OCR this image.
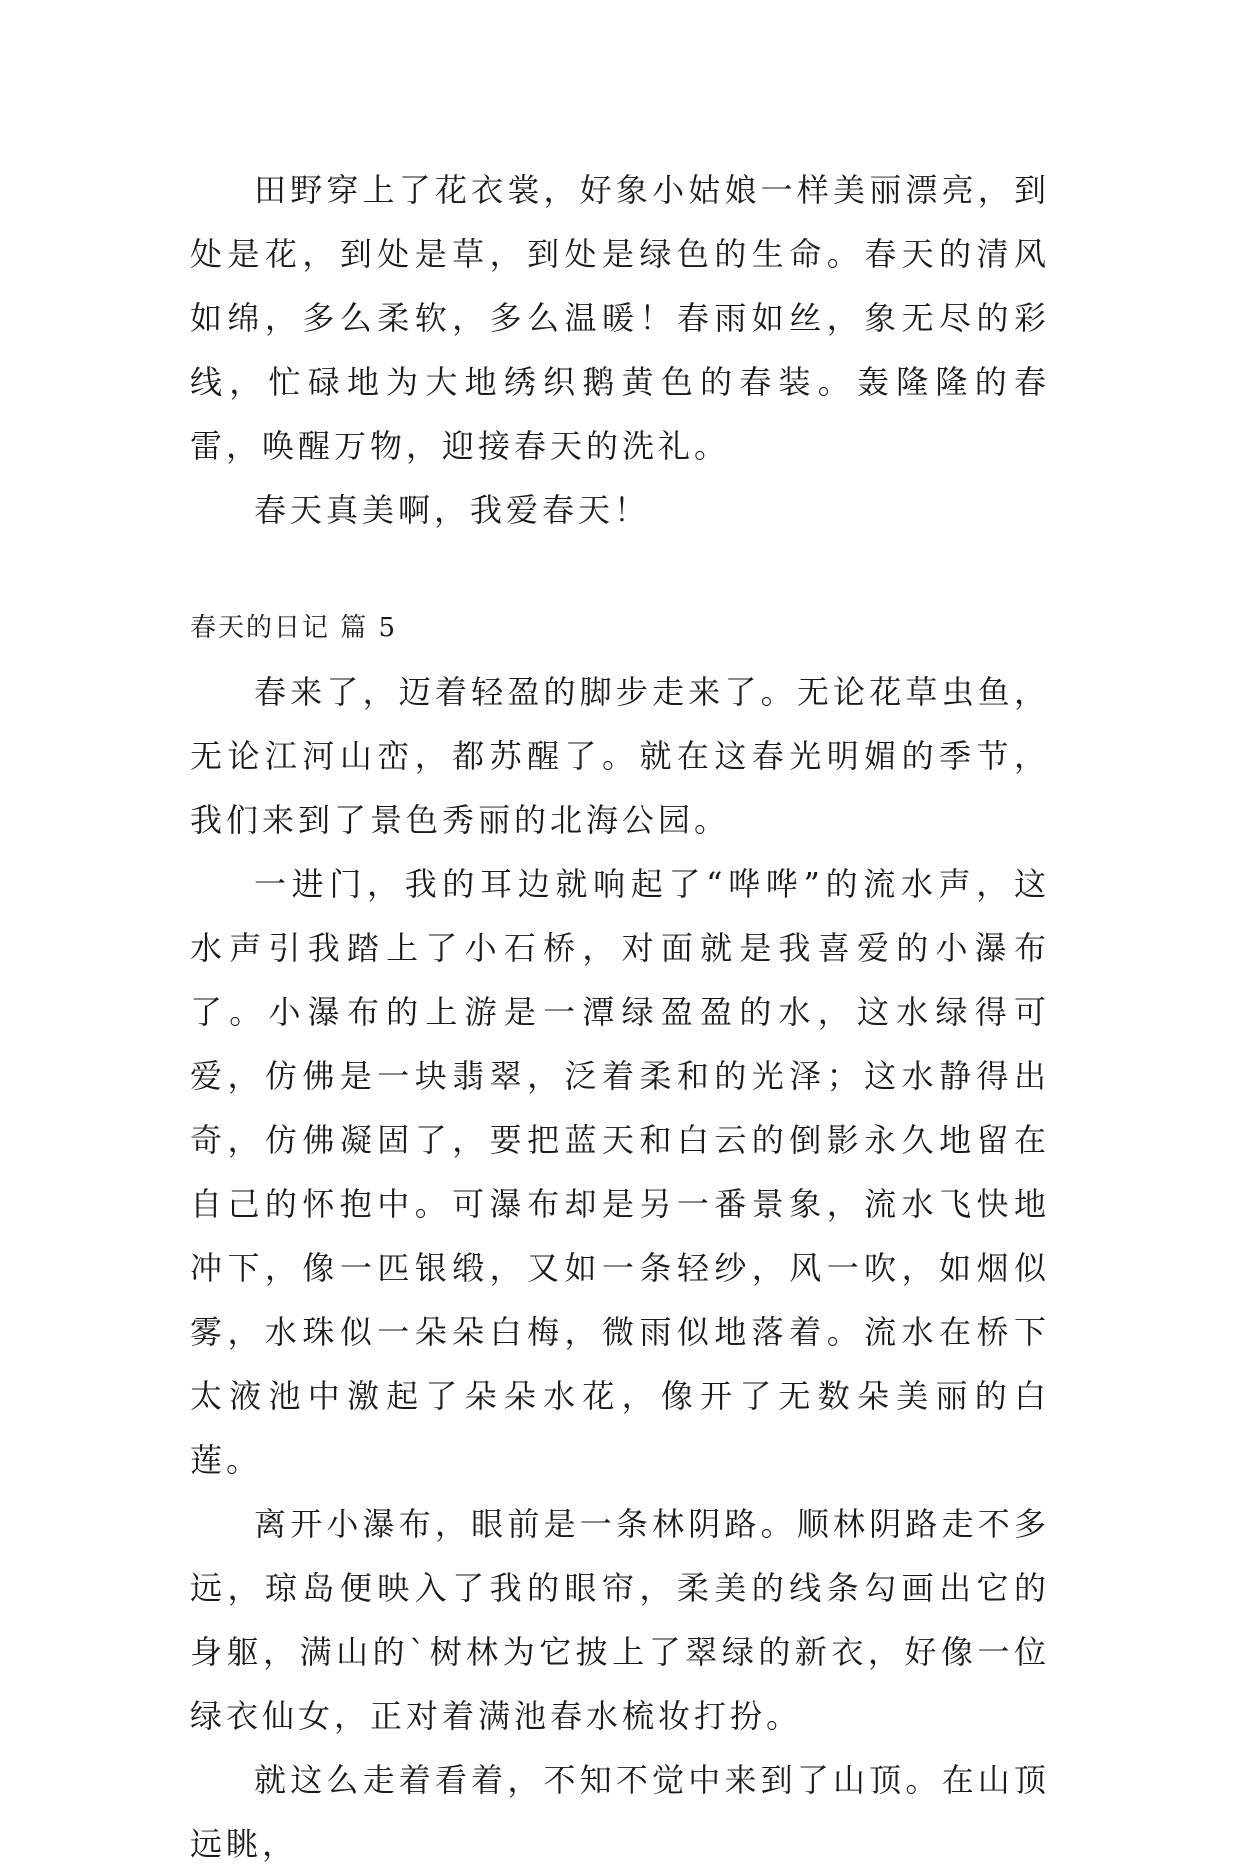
田野穿上了花衣裳，好象小姑娘一样美丽漂亮，到处是花，到处是草，到处是绿色的生命。春天的清风如绵，多么柔软，多么温暖！春雨如丝，象无尽的彩线，忙碌地为大地绣织鹅黄色的春装。轰隆隆的春雷，唤醒万物，迎接春天的洗礼。

春天真美啊，我爱春天！

春天的日记 篇 5

春来了，迈着轻盈的脚步走来了。无论花草虫鱼，无论江河山峦，都苏醒了。就在这春光明媚的季节，我们来到了景色秀丽的北海公园。

一进门，我的耳边就响起了“哗哗”的流水声，这水声引我踏上了小石桥，对面就是我喜爱的小瀑布了。小瀑布的上游是一潭绿盈盈的水，这水绿得可爱，仿佛是一块翡翠，泛着柔和的光泽；这水静得出奇，仿佛凝固了，要把蓝天和白云的倒影永久地留在自己的怀抱中。可瀑布却是另一番景象，流水飞快地冲下，像一匹银缎，又如一条轻纱，风一吹，如烟似雾，水珠似一朵朵白梅，微雨似地落着。流水在桥下太液池中激起了朵朵水花，像开了无数朵美丽的白莲。

离开小瀑布，眼前是一条林阴路。顺林阴路走不多远，琼岛便映入了我的眼帘，柔美的线条勾画出它的身躯，满山的`树林为它披上了翠绿的新衣，好像一位绿衣仙女，正对着满池春水梳妆打扮。

就这么走着看着，不知不觉中来到了山顶。在山顶远眺，
